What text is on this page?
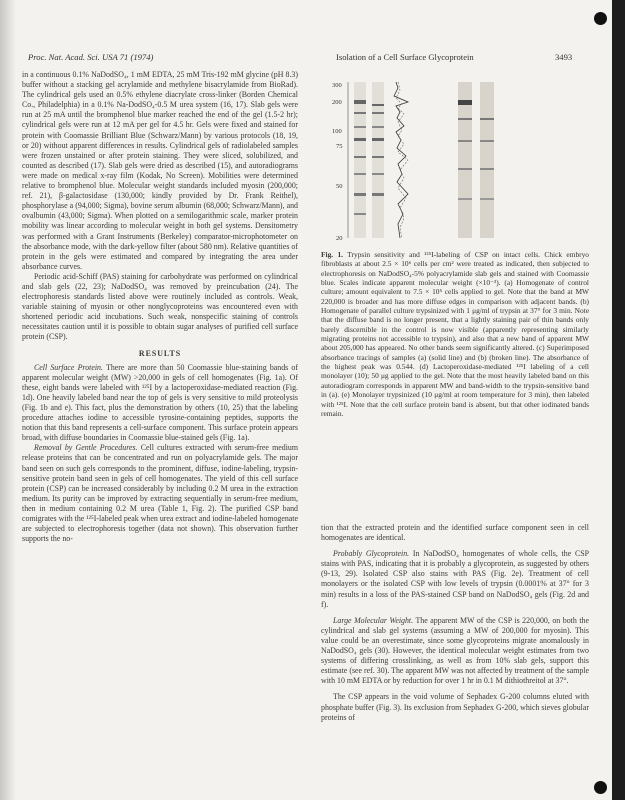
Proc. Nat. Acad. Sci. USA 71 (1974)	Isolation of a Cell Surface Glycoprotein	3493

in a continuous 0.1% NaDodSO₄, 1 mM EDTA, 25 mM Tris-192 mM glycine (pH 8.3) buffer without a stacking gel acrylamide and methylene bisacrylamide from BioRad). The cylindrical gels used an 0.5% ethylene diacrylate cross-linker (Borden Chemical Co., Philadelphia) in a 0.1% Na-DodSO₄-0.5 M urea system (16, 17). Slab gels were run at 25 mA until the bromphenol blue marker reached the end of the gel (1.5-2 hr); cylindrical gels were run at 12 mA per gel for 4.5 hr. Gels were fixed and stained for protein with Coomassie Brilliant Blue (Schwarz/Mann) by various protocols (18, 19, or 20) without apparent differences in results. Cylindrical gels of radiolabeled samples were frozen unstained or after protein staining. They were sliced, solubilized, and counted as described (17). Slab gels were dried as described (15), and autoradiograms were made on medical x-ray film (Kodak, No Screen). Mobilities were determined relative to bromphenol blue. Molecular weight standards included myosin (200,000; ref. 21), β-galactosidase (130,000; kindly provided by Dr. Frank Reithel), phosphorylase a (94,000; Sigma), bovine serum albumin (68,000; Schwarz/Mann), and ovalbumin (43,000; Sigma). When plotted on a semilogarithmic scale, marker protein mobility was linear according to molecular weight in both gel systems. Densitometry was performed with a Grant Instruments (Berkeley) comparator-microphotometer on the absorbance mode, with the dark-yellow filter (about 580 nm). Relative quantities of protein in the gels were estimated and compared by integrating the area under absorbance curves.

Periodic acid-Schiff (PAS) staining for carbohydrate was performed on cylindrical and slab gels (22, 23); NaDodSO₄ was removed by preincubation (24). The electrophoresis standards listed above were routinely included as controls. Weak, variable staining of myosin or other nonglycoproteins was encountered even with shortened periodic acid incubations. Such weak, nonspecific staining of controls necessitates caution until it is possible to obtain sugar analyses of purified cell surface protein (CSP).

RESULTS

Cell Surface Protein. There are more than 50 Coomassie blue-staining bands of apparent molecular weight (MW) >20,000 in gels of cell homogenates (Fig. 1a). Of these, eight bands were labeled with ¹²⁵I by a lactoperoxidase-mediated reaction (Fig. 1d). One heavily labeled band near the top of gels is very sensitive to mild proteolysis (Fig. 1b and e). This fact, plus the demonstration by others (10, 25) that the labeling procedure attaches iodine to accessible tyrosine-containing peptides, supports the notion that this band represents a cell-surface component. This surface protein appears broad, with diffuse boundaries in Coomassie blue-stained gels (Fig. 1a).

Removal by Gentle Procedures. Cell cultures extracted with serum-free medium release proteins that can be concentrated and run on polyacrylamide gels. The major band seen on such gels corresponds to the prominent, diffuse, iodine-labeling, trypsin-sensitive protein band seen in gels of cell homogenates. The yield of this cell surface protein (CSP) can be increased considerably by including 0.2 M urea in the extraction medium. Its purity can be improved by extracting sequentially in serum-free medium, then in medium containing 0.2 M urea (Table 1, Fig. 2). The purified CSP band comigrates with the ¹²⁵I-labeled peak when urea extract and iodine-labeled homogenate are subjected to electrophoresis together (data not shown). This observation further supports the no-

300
200
100
75
50
20
Fig. 1. Trypsin sensitivity and ¹²⁵I-labeling of CSP on intact cells. Chick embryo fibroblasts at about 2.5 × 10⁶ cells per cm² were treated as indicated, then subjected to electrophoresis on NaDodSO₄-5% polyacrylamide slab gels and stained with Coomassie blue. Scales indicate apparent molecular weight (×10⁻³). (a) Homogenate of control culture; amount equivalent to 7.5 × 10⁵ cells applied to gel. Note that the band at MW 220,000 is broader and has more diffuse edges in comparison with adjacent bands. (b) Homogenate of parallel culture trypsinized with 1 μg/ml of trypsin at 37° for 3 min. Note that the diffuse band is no longer present, that a lightly staining pair of thin bands only barely discernible in the control is now visible (apparently representing similarly migrating proteins not accessible to trypsin), and also that a new band of apparent MW about 205,000 has appeared. No other bands seem significantly altered. (c) Superimposed absorbance tracings of samples (a) (solid line) and (b) (broken line). The absorbance of the highest peak was 0.544. (d) Lactoperoxidase-mediated ¹²⁵I labeling of a cell monolayer (10); 50 μg applied to the gel. Note that the most heavily labeled band on this autoradiogram corresponds in apparent MW and band-width to the trypsin-sensitive band in (a). (e) Monolayer trypsinized (10 μg/ml at room temperature for 3 min), then labeled with ¹²⁵I. Note that the cell surface protein band is absent, but that other iodinated bands remain.

tion that the extracted protein and the identified surface component seen in cell homogenates are identical.

Probably Glycoprotein. In NaDodSO₄ homogenates of whole cells, the CSP stains with PAS, indicating that it is probably a glycoprotein, as suggested by others (9-13, 29). Isolated CSP also stains with PAS (Fig. 2e). Treatment of cell monolayers or the isolated CSP with low levels of trypsin (0.0001% at 37° for 3 min) results in a loss of the PAS-stained CSP band on NaDodSO₄ gels (Fig. 2d and f).

Large Molecular Weight. The apparent MW of the CSP is 220,000, on both the cylindrical and slab gel systems (assuming a MW of 200,000 for myosin). This value could be an overestimate, since some glycoproteins migrate anomalously in NaDodSO₄ gels (30). However, the identical molecular weight estimates from two systems of differing crosslinking, as well as from 10% slab gels, support this estimate (see ref. 30). The apparent MW was not affected by treatment of the sample with 10 mM EDTA or by reduction for over 1 hr in 0.1 M dithiothreitol at 37°.

The CSP appears in the void volume of Sephadex G-200 columns eluted with phosphate buffer (Fig. 3). Its exclusion from Sephadex G-200, which sieves globular proteins of
